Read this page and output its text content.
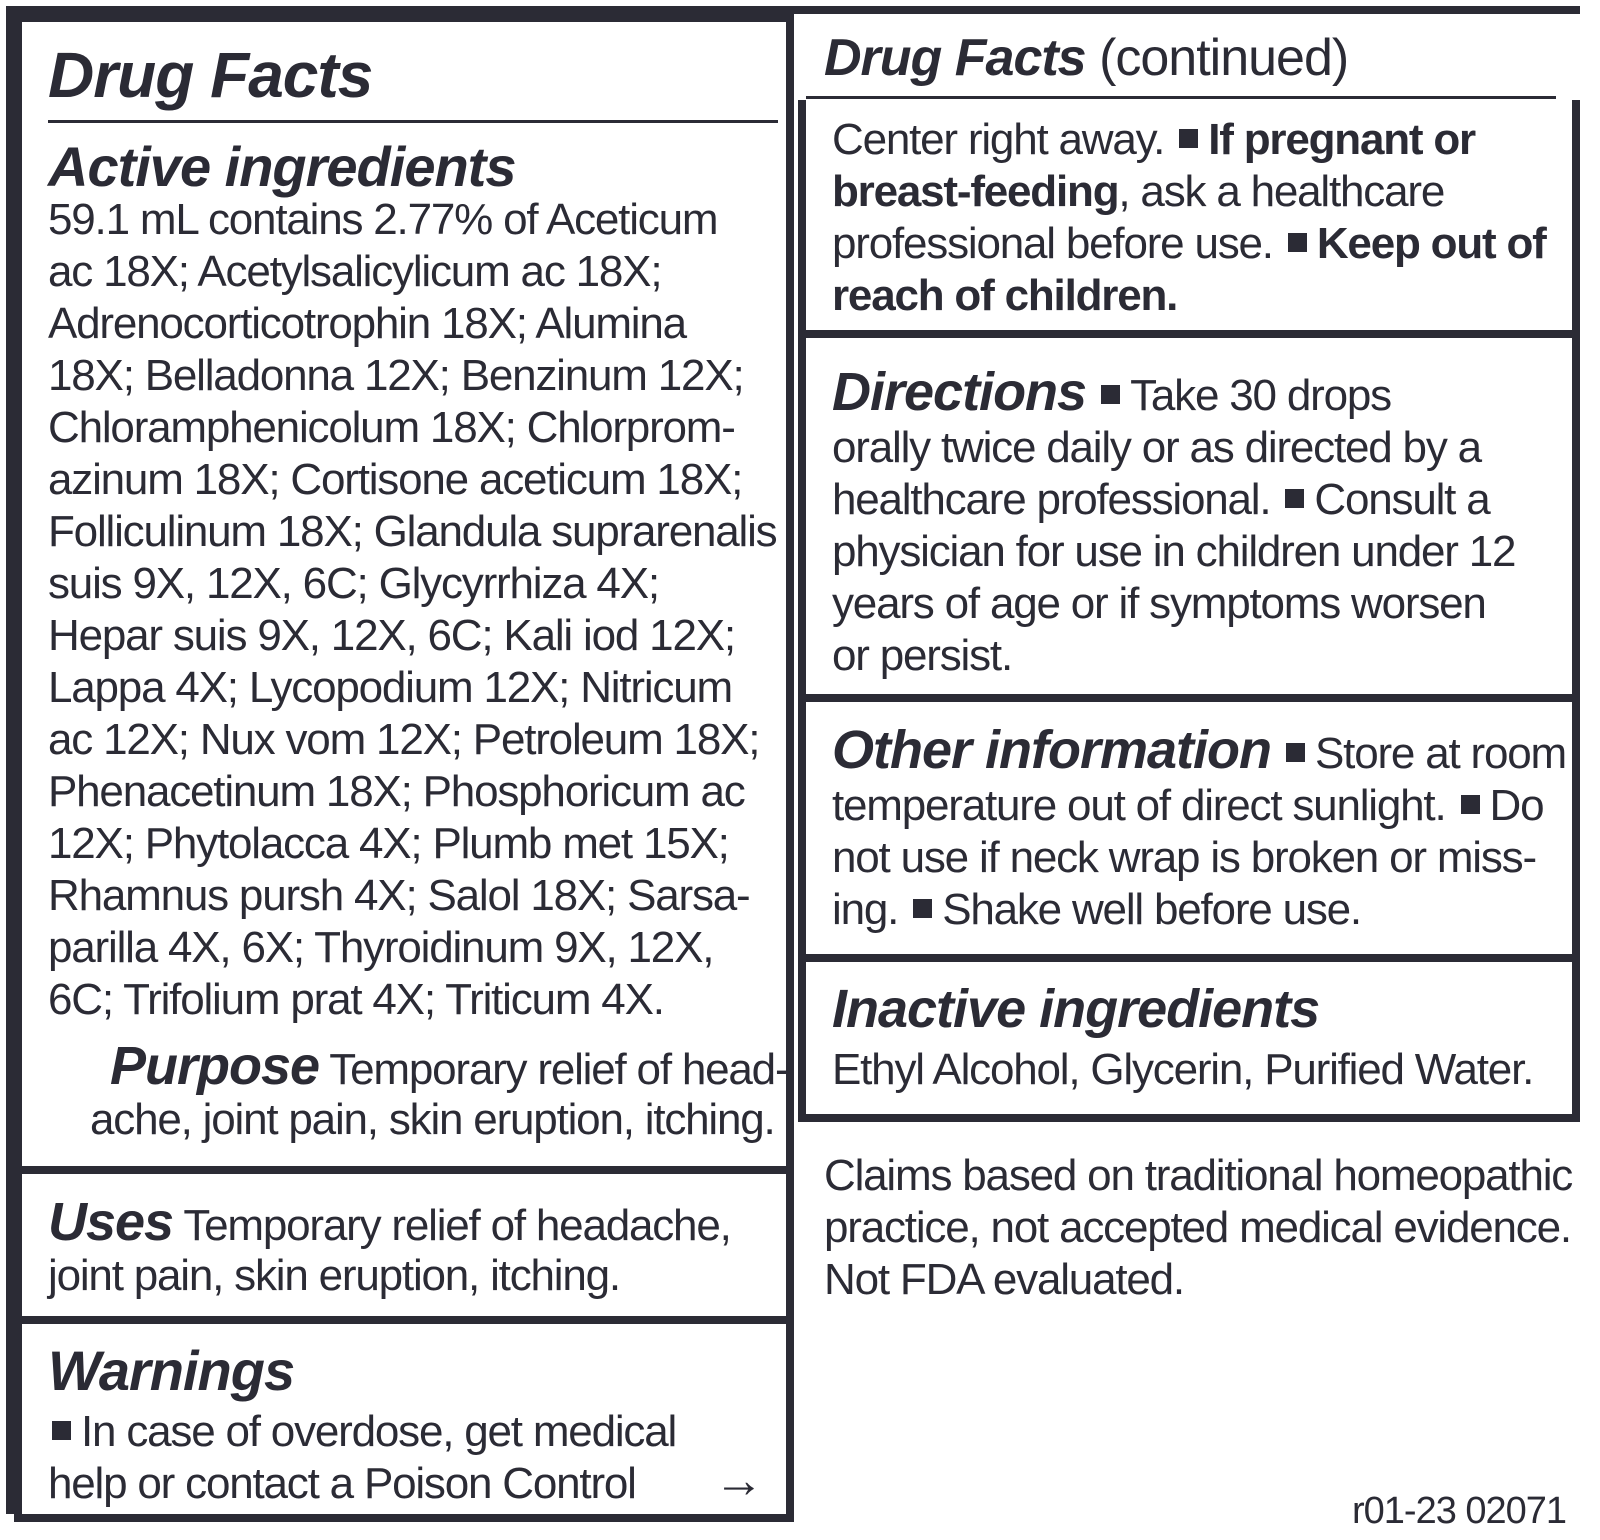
Drug Facts
Active ingredients
59.1 mL contains 2.77% of Aceticum
ac 18X; Acetylsalicylicum ac 18X;
Adrenocorticotrophin 18X; Alumina
18X; Belladonna 12X; Benzinum 12X;
Chloramphenicolum 18X; Chlorprom-
azinum 18X; Cortisone aceticum 18X;
Folliculinum 18X; Glandula suprarenalis
suis 9X, 12X, 6C; Glycyrrhiza 4X;
Hepar suis 9X, 12X, 6C; Kali iod 12X;
Lappa 4X; Lycopodium 12X; Nitricum
ac 12X; Nux vom 12X; Petroleum 18X;
Phenacetinum 18X; Phosphoricum ac
12X; Phytolacca 4X; Plumb met 15X;
Rhamnus pursh 4X; Salol 18X; Sarsa-
parilla 4X, 6X; Thyroidinum 9X, 12X,
6C; Trifolium prat 4X; Triticum 4X.
Purpose Temporary relief of head-
ache, joint pain, skin eruption, itching.
Uses Temporary relief of headache,
joint pain, skin eruption, itching.
Warnings
In case of overdose, get medical
help or contact a Poison Control →
Drug Facts (continued)
Center right away. If pregnant or
breast-feeding, ask a healthcare
professional before use. Keep out of
reach of children.
Directions Take 30 drops
orally twice daily or as directed by a
healthcare professional. Consult a
physician for use in children under 12
years of age or if symptoms worsen
or persist.
Other information Store at room
temperature out of direct sunlight. Do
not use if neck wrap is broken or miss-
ing. Shake well before use.
Inactive ingredients
Ethyl Alcohol, Glycerin, Purified Water.
Claims based on traditional homeopathic
practice, not accepted medical evidence.
Not FDA evaluated.
r01-23 02071
